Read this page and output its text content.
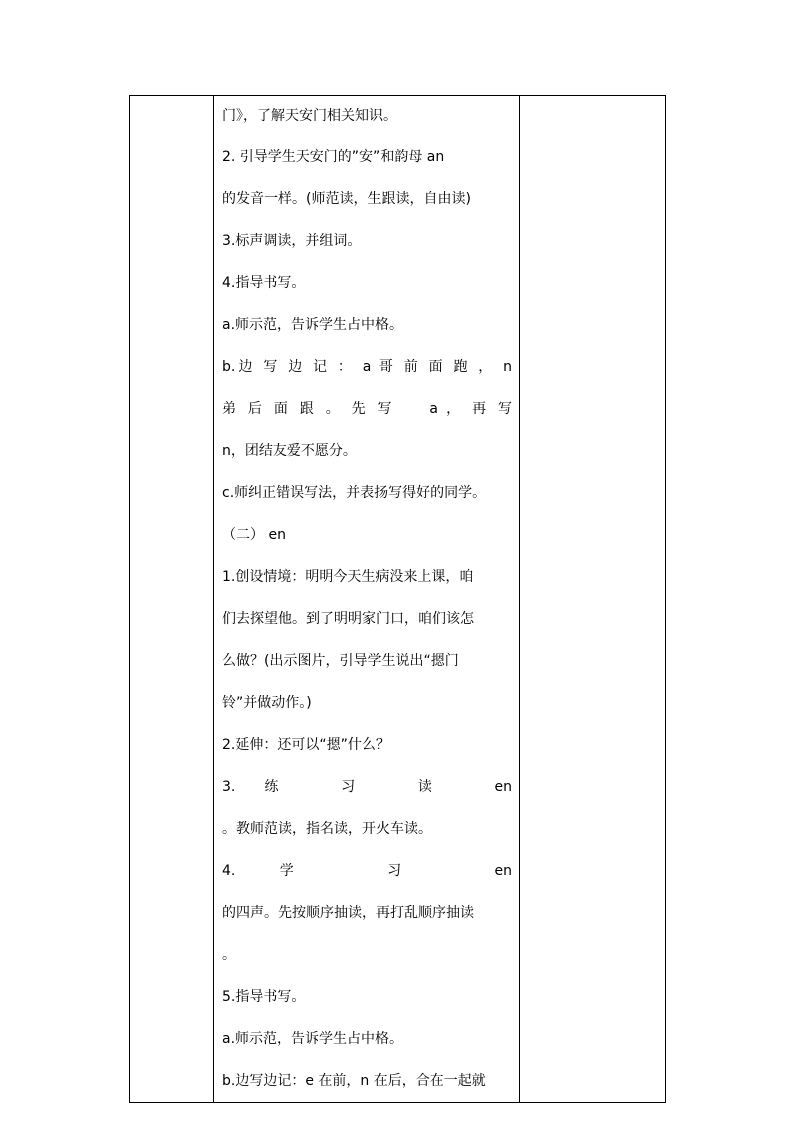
门》，了解天安门相关知识。
2. 引导学生天安门的”安”和韵母 an
的发音一样。(师范读，生跟读，自由读)
3.标声调读，并组词。
4.指导书写。
a.师示范，告诉学生占中格。
b.边 写 边 记 ： a 哥 前 面 跑 ， n
弟 后 面 跟 。 先 写 　 a ， 再 写
n，团结友爱不愿分。
c.师纠正错误写法，并表扬写得好的同学。
（二） en
1.创设情境：明明今天生病没来上课，咱
们去探望他。到了明明家门口，咱们该怎
么做？(出示图片，引导学生说出“摁门
铃”并做动作。)
2.延伸：还可以“摁”什么？
3.练 习 读 en
。教师范读，指名读，开火车读。
4.学 习 en
的四声。先按顺序抽读，再打乱顺序抽读
。
5.指导书写。
a.师示范，告诉学生占中格。
b.边写边记：e 在前，n 在后，合在一起就
